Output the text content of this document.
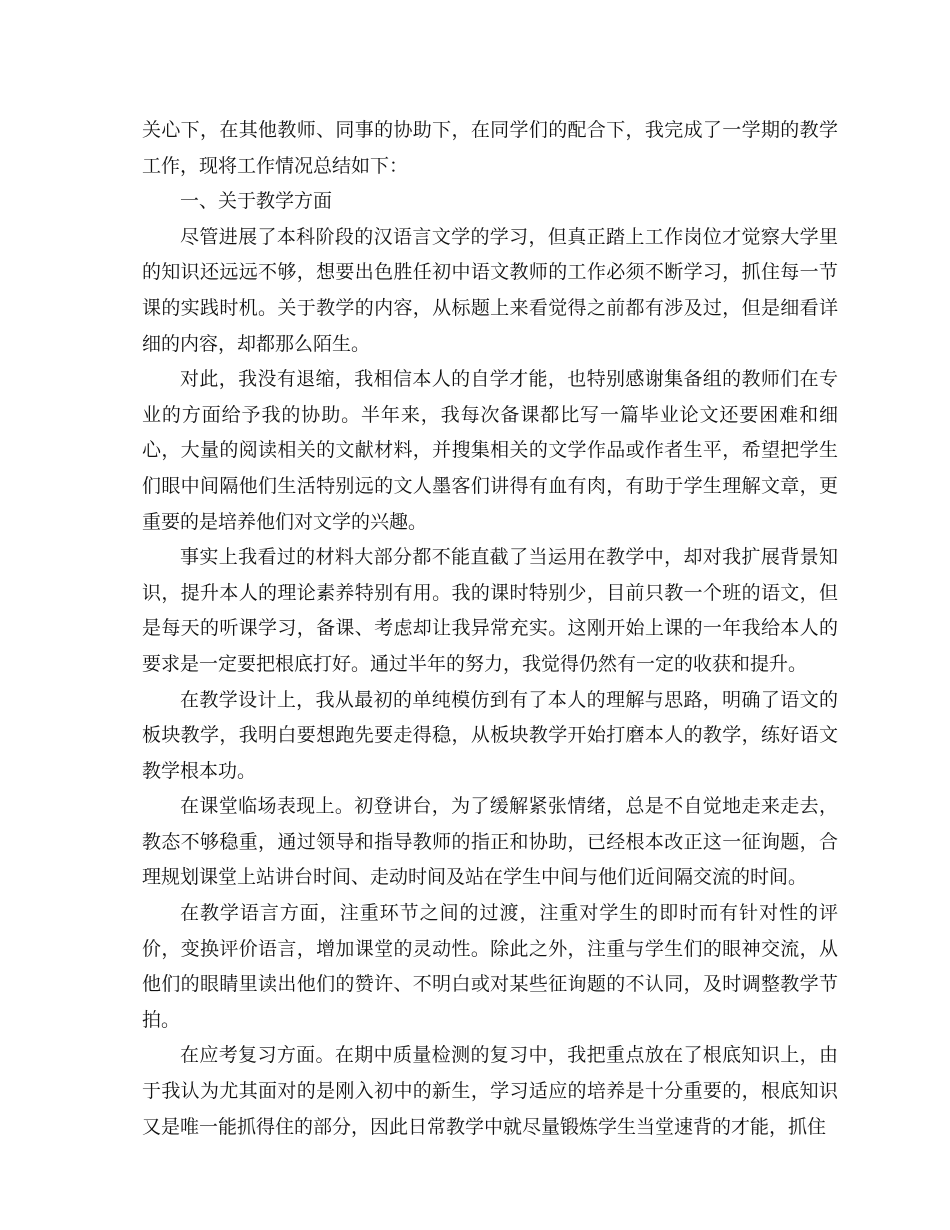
关心下，在其他教师、同事的协助下，在同学们的配合下，我完成了一学期的教学工作，现将工作情况总结如下：

一、关于教学方面

尽管进展了本科阶段的汉语言文学的学习，但真正踏上工作岗位才觉察大学里的知识还远远不够，想要出色胜任初中语文教师的工作必须不断学习，抓住每一节课的实践时机。关于教学的内容，从标题上来看觉得之前都有涉及过，但是细看详细的内容，却都那么陌生。

对此，我没有退缩，我相信本人的自学才能，也特别感谢集备组的教师们在专业的方面给予我的协助。半年来，我每次备课都比写一篇毕业论文还要困难和细心，大量的阅读相关的文献材料，并搜集相关的文学作品或作者生平，希望把学生们眼中间隔他们生活特别远的文人墨客们讲得有血有肉，有助于学生理解文章，更重要的是培养他们对文学的兴趣。

事实上我看过的材料大部分都不能直截了当运用在教学中，却对我扩展背景知识，提升本人的理论素养特别有用。我的课时特别少，目前只教一个班的语文，但是每天的听课学习，备课、考虑却让我异常充实。这刚开始上课的一年我给本人的要求是一定要把根底打好。通过半年的努力，我觉得仍然有一定的收获和提升。

在教学设计上，我从最初的单纯模仿到有了本人的理解与思路，明确了语文的板块教学，我明白要想跑先要走得稳，从板块教学开始打磨本人的教学，练好语文教学根本功。

在课堂临场表现上。初登讲台，为了缓解紧张情绪，总是不自觉地走来走去，教态不够稳重，通过领导和指导教师的指正和协助，已经根本改正这一征询题，合理规划课堂上站讲台时间、走动时间及站在学生中间与他们近间隔交流的时间。

在教学语言方面，注重环节之间的过渡，注重对学生的即时而有针对性的评价，变换评价语言，增加课堂的灵动性。除此之外，注重与学生们的眼神交流，从他们的眼睛里读出他们的赞许、不明白或对某些征询题的不认同，及时调整教学节拍。

在应考复习方面。在期中质量检测的复习中，我把重点放在了根底知识上，由于我认为尤其面对的是刚入初中的新生，学习适应的培养是十分重要的，根底知识又是唯一能抓得住的部分，因此日常教学中就尽量锻炼学生当堂速背的才能，抓住
